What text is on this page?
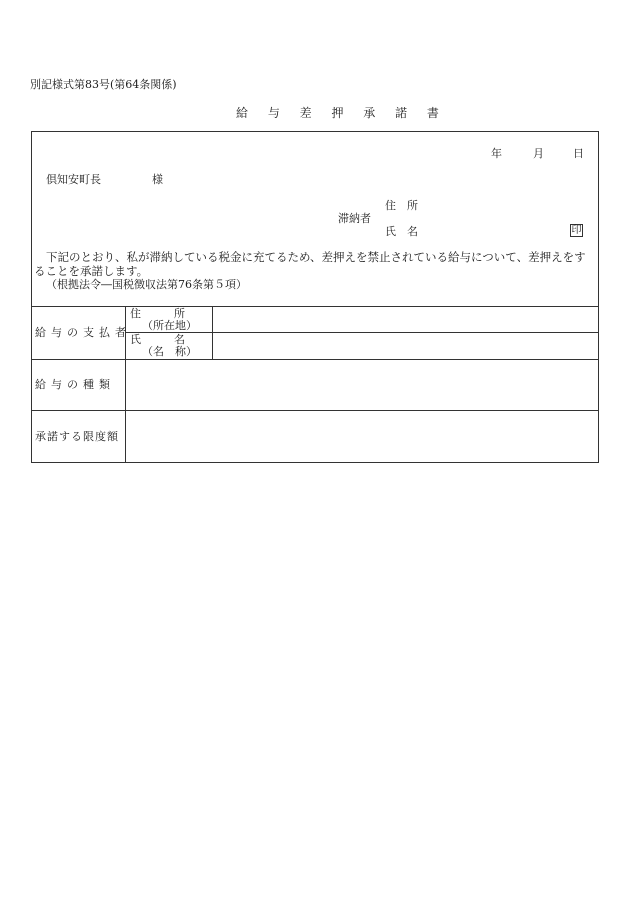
別記様式第83号(第64条関係)
給 与 差 押 承 諾 書
年	月	日
倶知安町長	様
住　所
滞納者
氏　名	印
下記のとおり、私が滞納している税金に充てるため、差押えを禁止されている給与について、差押えをすることを承諾します。
（根拠法令―国税徴収法第76条第５項）
給与の支払者
住　　　所
（所在地）
氏　　　名
（名　称）
給与の種類
承諾する限度額
